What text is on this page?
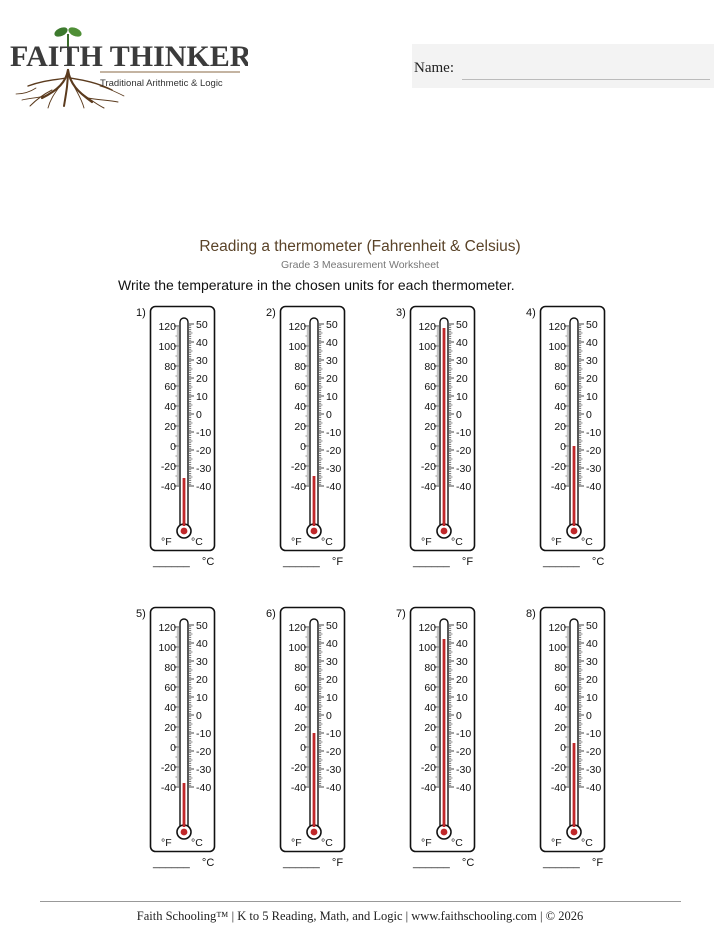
FAITH THINKERS
Traditional Arithmetic & Logic
Name:
Reading a thermometer (Fahrenheit & Celsius)
Grade 3 Measurement Worksheet
Write the temperature in the chosen units for each thermometer.
1)
120
100
80
60
40
20
0
-20
-40
50
40
30
20
10
0
-10
-20
-30
-40
°F °C
______    °C
2)
120
100
80
60
40
20
0
-20
-40
50
40
30
20
10
0
-10
-20
-30
-40
°F °C
______    °F
3)
120
100
80
60
40
20
0
-20
-40
50
40
30
20
10
0
-10
-20
-30
-40
°F °C
______    °F
4)
120
100
80
60
40
20
0
-20
-40
50
40
30
20
10
0
-10
-20
-30
-40
°F °C
______    °C
5)
120
100
80
60
40
20
0
-20
-40
50
40
30
20
10
0
-10
-20
-30
-40
°F °C
______    °C
6)
120
100
80
60
40
20
0
-20
-40
50
40
30
20
10
0
-10
-20
-30
-40
°F °C
______    °F
7)
120
100
80
60
40
20
0
-20
-40
50
40
30
20
10
0
-10
-20
-30
-40
°F °C
______    °C
8)
120
100
80
60
40
20
0
-20
-40
50
40
30
20
10
0
-10
-20
-30
-40
°F °C
______    °F
Faith Schooling™ | K to 5 Reading, Math, and Logic | www.faithschooling.com | © 2026
